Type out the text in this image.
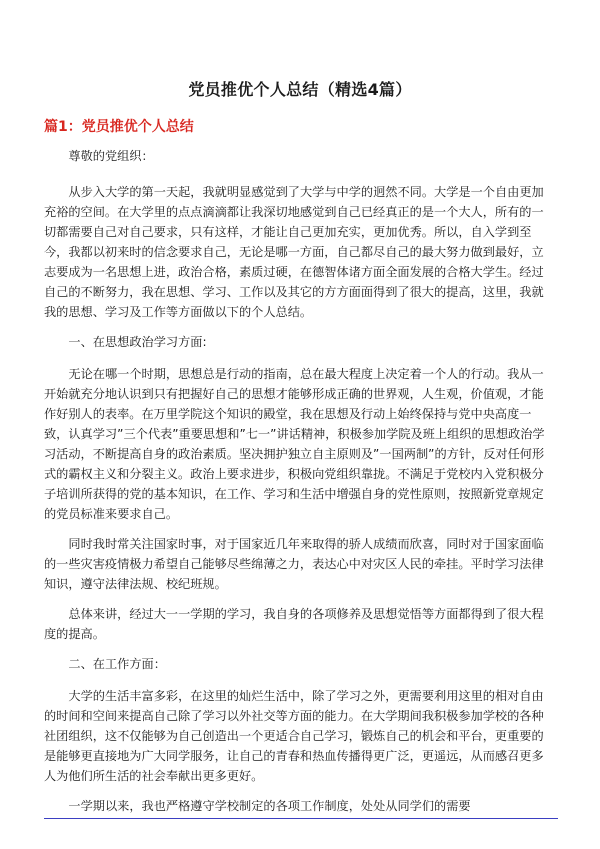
党员推优个人总结（精选4篇）
篇1：党员推优个人总结

尊敬的党组织：

从步入大学的第一天起，我就明显感觉到了大学与中学的迥然不同。大学是一个自由更加充裕的空间。在大学里的点点滴滴都让我深切地感觉到自己已经真正的是一个大人，所有的一切都需要自己对自己要求，只有这样，才能让自己更加充实，更加优秀。所以，自入学到至今，我都以初来时的信念要求自己，无论是哪一方面，自己都尽自己的最大努力做到最好，立志要成为一名思想上进，政治合格，素质过硬，在德智体诸方面全面发展的合格大学生。经过自己的不断努力，我在思想、学习、工作以及其它的方方面面得到了很大的提高，这里，我就我的思想、学习及工作等方面做以下的个人总结。

一、在思想政治学习方面:

无论在哪一个时期，思想总是行动的指南，总在最大程度上决定着一个人的行动。我从一开始就充分地认识到只有把握好自己的思想才能够形成正确的世界观，人生观，价值观，才能作好别人的表率。在万里学院这个知识的殿堂，我在思想及行动上始终保持与党中央高度一致，认真学习”三个代表”重要思想和”七一”讲话精神，积极参加学院及班上组织的思想政治学习活动，不断提高自身的政治素质。坚决拥护独立自主原则及”一国两制”的方针，反对任何形式的霸权主义和分裂主义。政治上要求进步，积极向党组织靠拢。不满足于党校内入党积极分子培训所获得的党的基本知识，在工作、学习和生活中增强自身的党性原则，按照新党章规定的党员标准来要求自己。

同时我时常关注国家时事，对于国家近几年来取得的骄人成绩而欣喜，同时对于国家面临的一些灾害疫情极力希望自己能够尽些绵薄之力，表达心中对灾区人民的牵挂。平时学习法律知识，遵守法律法规、校纪班规。

总体来讲，经过大一一学期的学习，我自身的各项修养及思想觉悟等方面都得到了很大程度的提高。

二、在工作方面：

大学的生活丰富多彩，在这里的灿烂生活中，除了学习之外，更需要利用这里的相对自由的时间和空间来提高自己除了学习以外社交等方面的能力。在大学期间我积极参加学校的各种社团组织，这不仅能够为自己创造出一个更适合自己学习，锻炼自己的机会和平台，更重要的是能够更直接地为广大同学服务，让自己的青春和热血传播得更广泛，更遥远，从而感召更多人为他们所生活的社会奉献出更多更好。

一学期以来，我也严格遵守学校制定的各项工作制度，处处从同学们的需要
